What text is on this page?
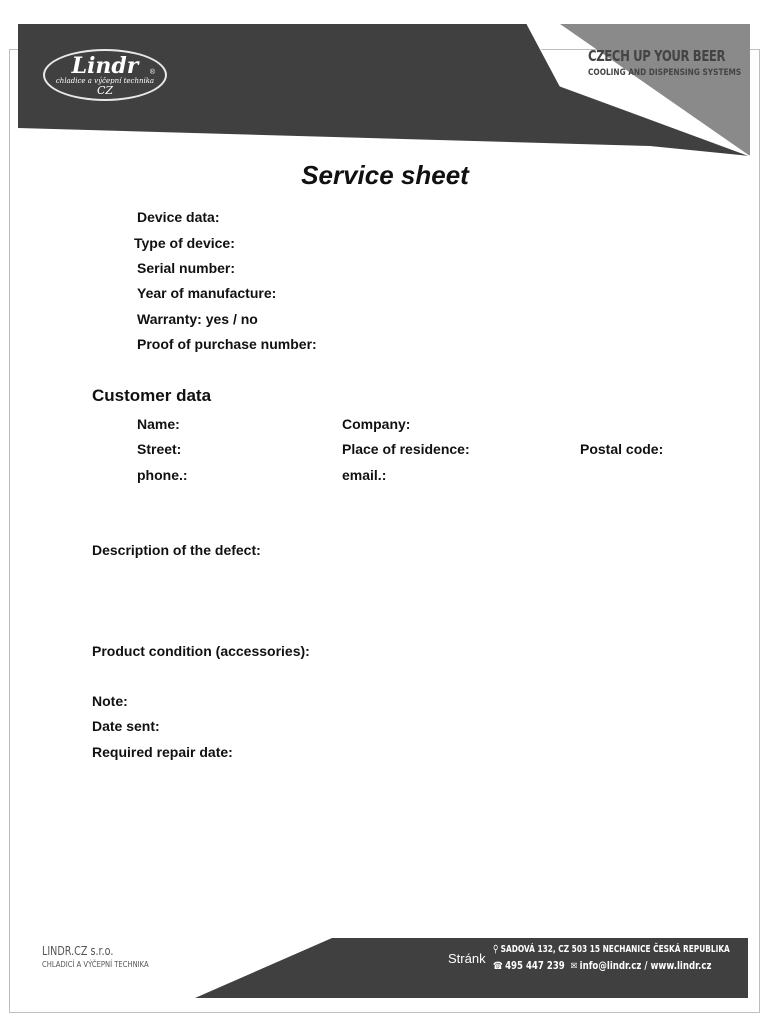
Lindr
chladice a výčepní technika
CZ
®
CZECH UP YOUR BEER
COOLING AND DISPENSING SYSTEMS
Service sheet
Device data:
Type of device:
Serial number:
Year of manufacture:
Warranty: yes / no
Proof of purchase number:
Customer data
Name:	Company:
Street:	Place of residence:	Postal code:
phone.:	email.:
Description of the defect:
Product condition (accessories):
Note:
Date sent:
Required repair date:
LINDR.CZ s.r.o.
CHLADICÍ A VÝČEPNÍ TECHNIKA	Stránk
⚲ SADOVÁ 132, CZ 503 15 NECHANICE ČESKÁ REPUBLIKA
☎ 495 447 239 ✉ info@lindr.cz / www.lindr.cz
